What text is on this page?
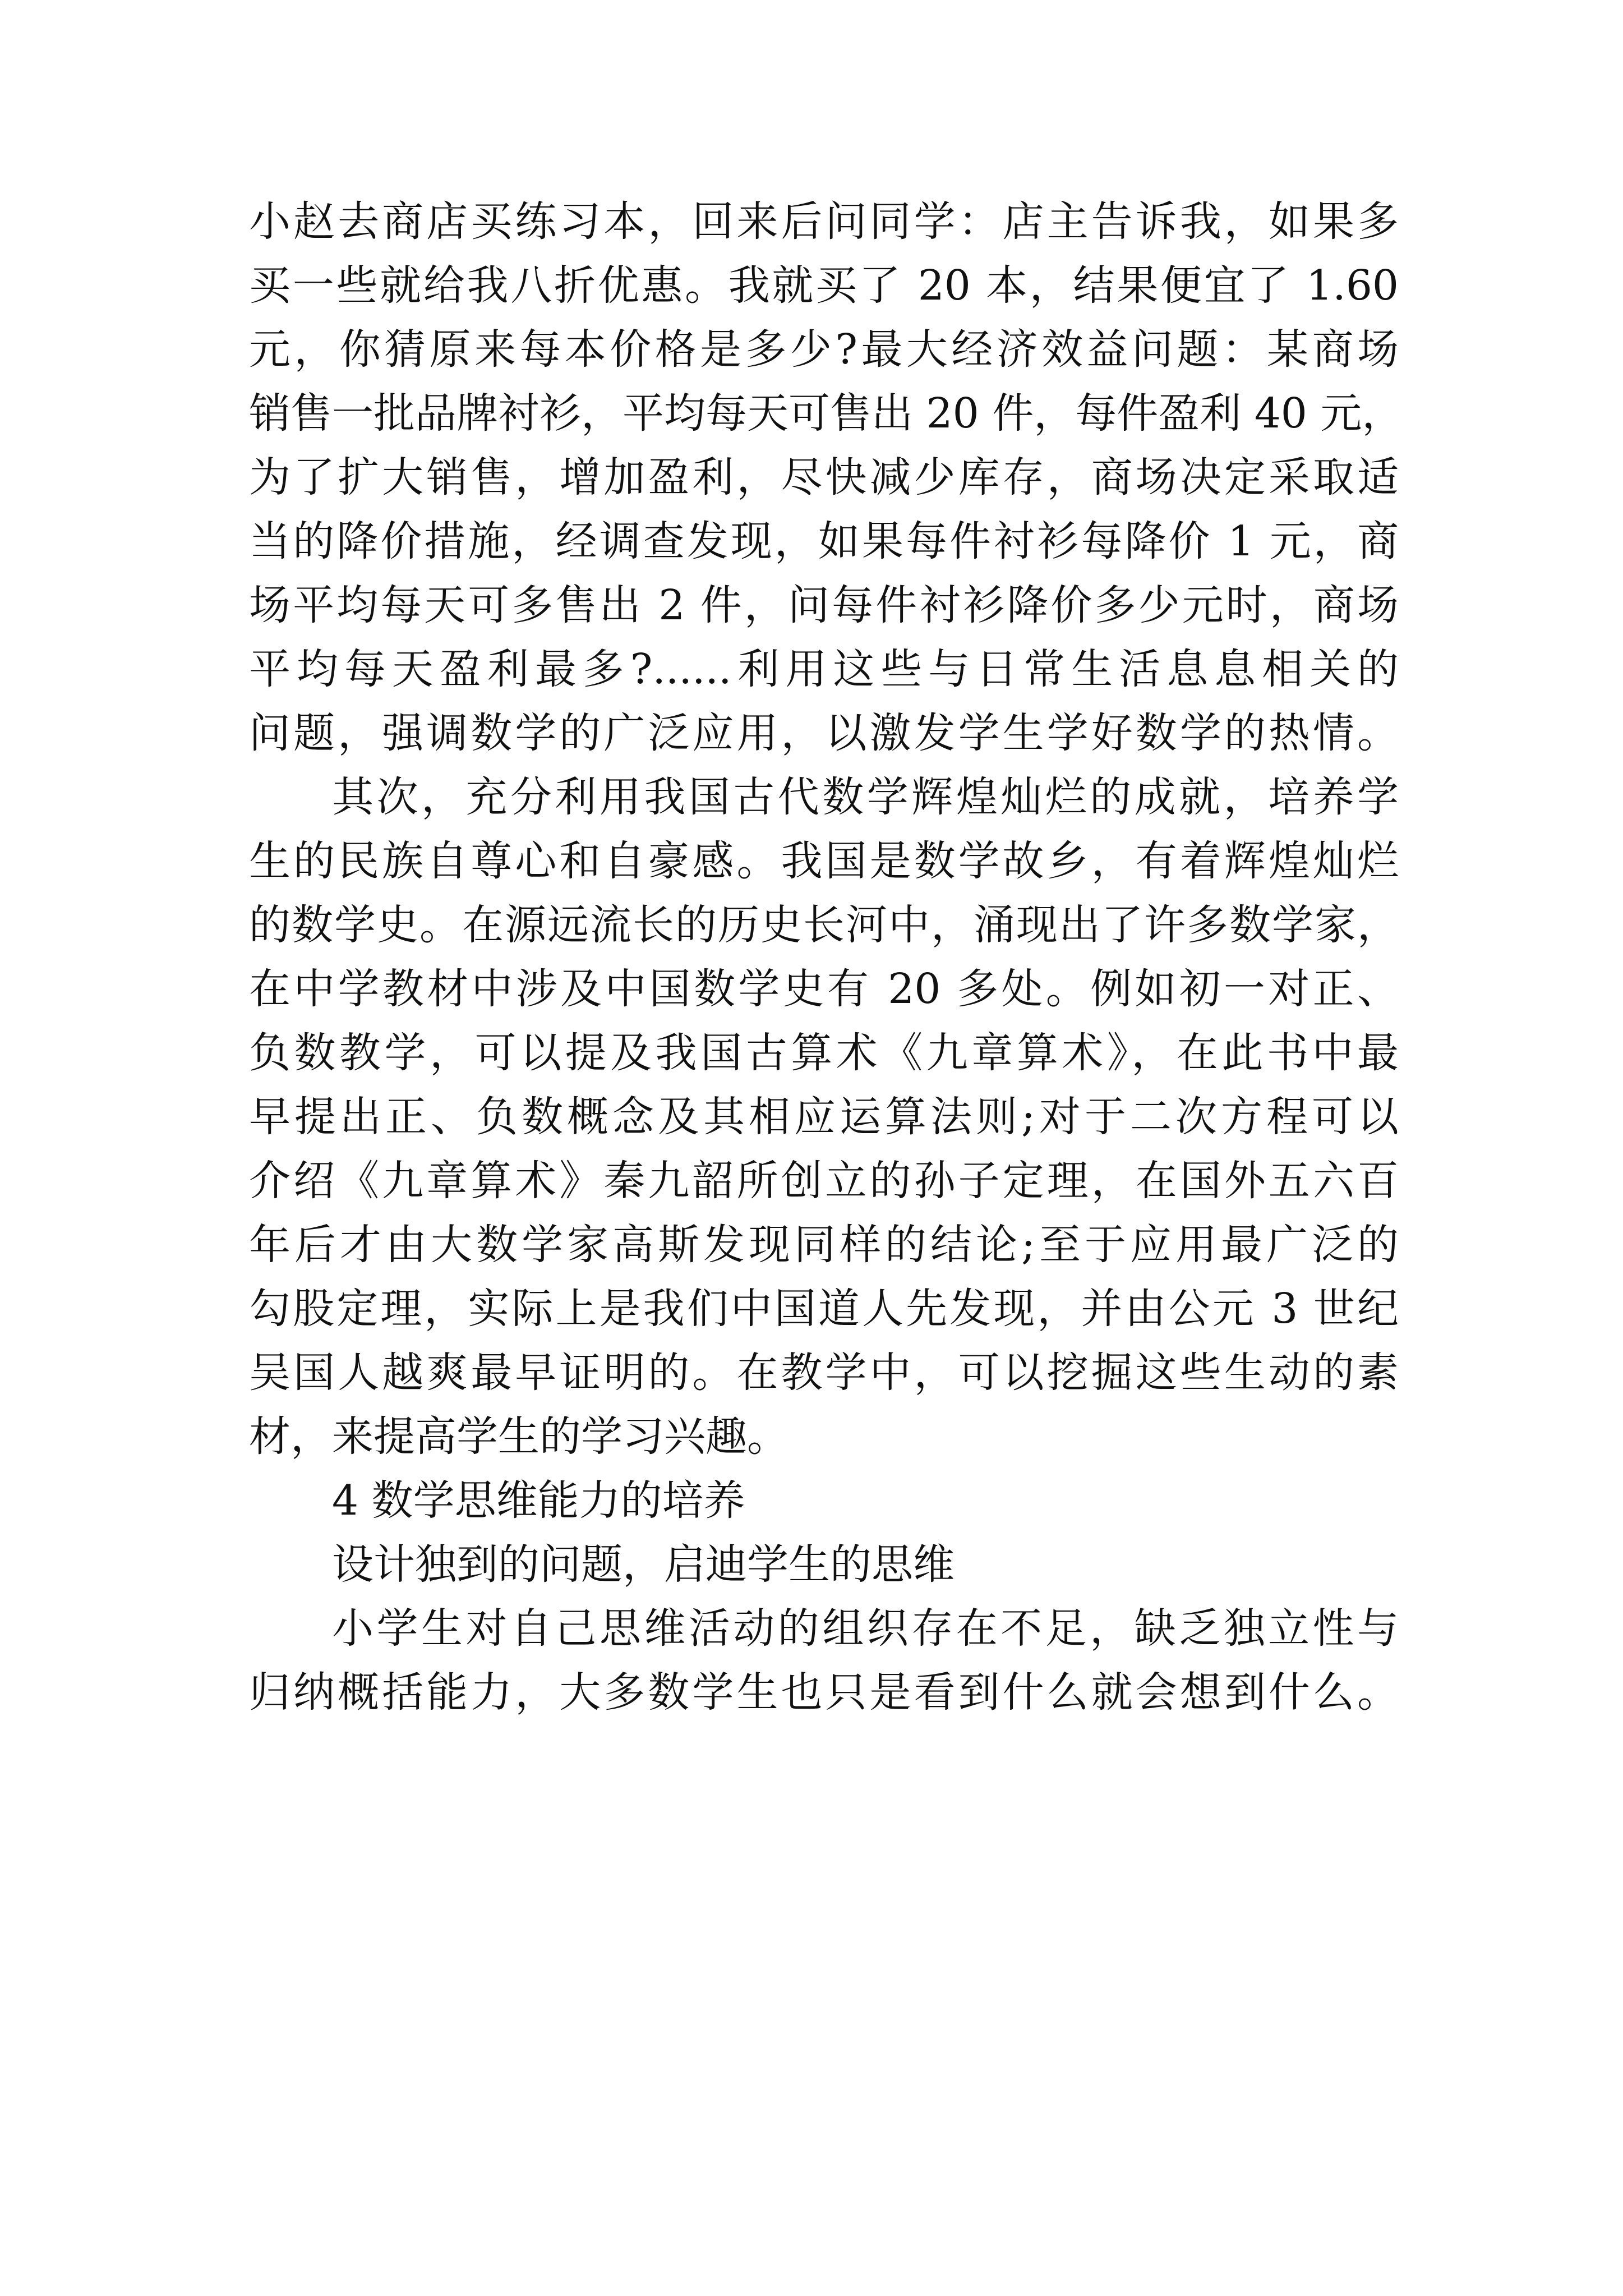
小赵去商店买练习本，回来后问同学：店主告诉我，如果多

买一些就给我八折优惠。我就买了 20 本，结果便宜了 1.60

元，你猜原来每本价格是多少?最大经济效益问题：某商场

销售一批品牌衬衫，平均每天可售出 20 件，每件盈利 40 元，

为了扩大销售，增加盈利，尽快减少库存，商场决定采取适

当的降价措施，经调查发现，如果每件衬衫每降价 1 元，商

场平均每天可多售出 2 件，问每件衬衫降价多少元时，商场

平均每天盈利最多?......利用这些与日常生活息息相关的

问题，强调数学的广泛应用，以激发学生学好数学的热情。

其次，充分利用我国古代数学辉煌灿烂的成就，培养学

生的民族自尊心和自豪感。我国是数学故乡，有着辉煌灿烂

的数学史。在源远流长的历史长河中，涌现出了许多数学家，

在中学教材中涉及中国数学史有 20 多处。例如初一对正、

负数教学，可以提及我国古算术《九章算术》，在此书中最

早提出正、负数概念及其相应运算法则;对于二次方程可以

介绍《九章算术》秦九韶所创立的孙子定理，在国外五六百

年后才由大数学家高斯发现同样的结论;至于应用最广泛的

勾股定理，实际上是我们中国道人先发现，并由公元 3 世纪

吴国人越爽最早证明的。在教学中，可以挖掘这些生动的素

材，来提高学生的学习兴趣。

4 数学思维能力的培养

设计独到的问题，启迪学生的思维

小学生对自己思维活动的组织存在不足，缺乏独立性与

归纳概括能力，大多数学生也只是看到什么就会想到什么。
